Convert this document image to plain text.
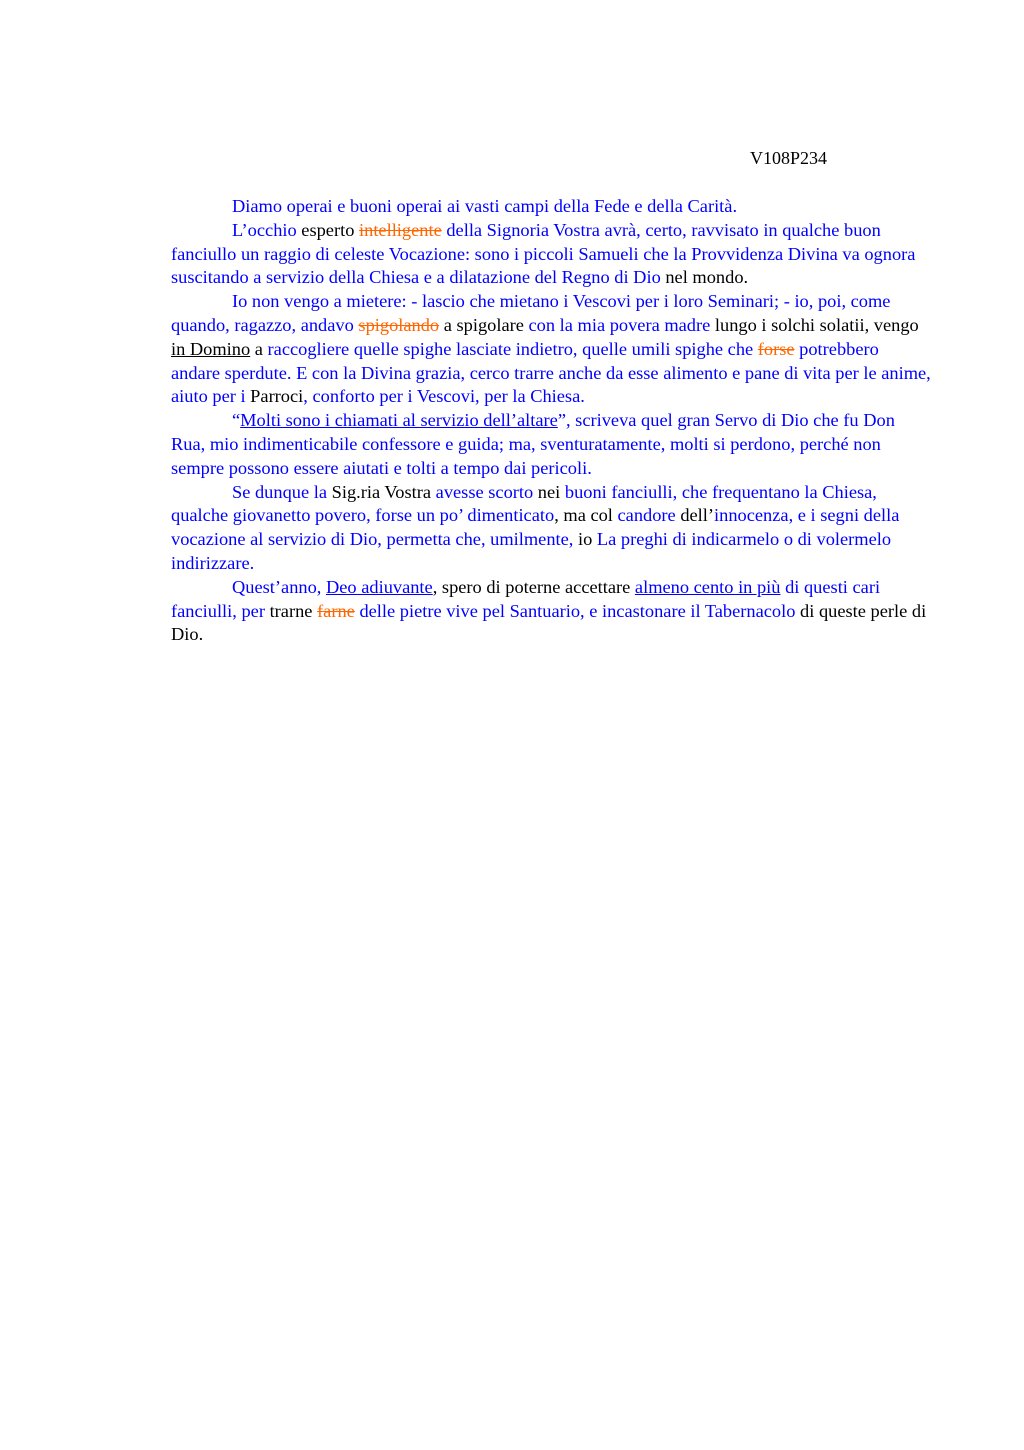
V108P234

Diamo operai e buoni operai ai vasti campi della Fede e della Carità.

L’occhio esperto intelligente della Signoria Vostra avrà, certo, ravvisato in qualche buon fanciullo un raggio di celeste Vocazione: sono i piccoli Samueli che la Provvidenza Divina va ognora suscitando a servizio della Chiesa e a dilatazione del Regno di Dio nel mondo.

Io non vengo a mietere: - lascio che mietano i Vescovi per i loro Seminari; - io, poi, come quando, ragazzo, andavo spigolando a spigolare con la mia povera madre lungo i solchi solatii, vengo in Domino a raccogliere quelle spighe lasciate indietro, quelle umili spighe che forse potrebbero andare sperdute. E con la Divina grazia, cerco trarre anche da esse alimento e pane di vita per le anime, aiuto per i Parroci, conforto per i Vescovi, per la Chiesa.

“Molti sono i chiamati al servizio dell’altare”, scriveva quel gran Servo di Dio che fu Don Rua, mio indimenticabile confessore e guida; ma, sventuratamente, molti si perdono, perché non sempre possono essere aiutati e tolti a tempo dai pericoli.

Se dunque la Sig.ria Vostra avesse scorto nei buoni fanciulli, che frequentano la Chiesa, qualche giovanetto povero, forse un po’ dimenticato, ma col candore dell’innocenza, e i segni della vocazione al servizio di Dio, permetta che, umilmente, io La preghi di indicarmelo o di volermelo indirizzare.

Quest’anno, Deo adiuvante, spero di poterne accettare almeno cento in più di questi cari fanciulli, per trarne farne delle pietre vive pel Santuario, e incastonare il Tabernacolo di queste perle di Dio.
